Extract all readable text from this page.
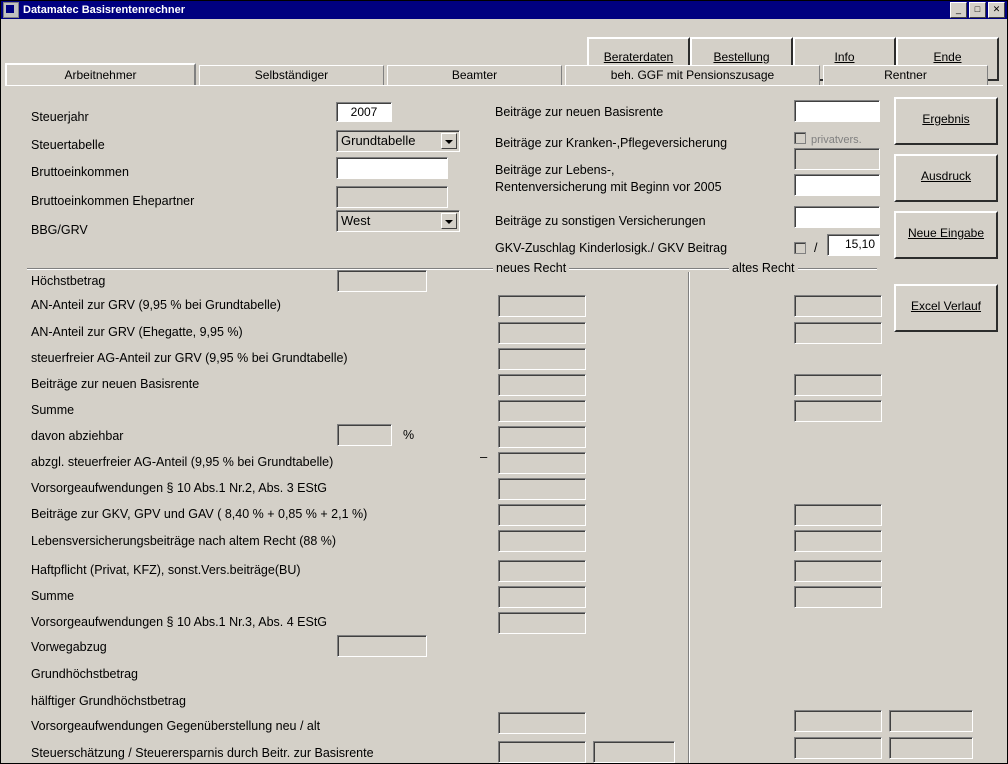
Datamatec Basisrentenrechner	_	□	✕
Beraterdaten	Bestellung	Info	Ende
Arbeitnehmer	Selbständiger	Beamter	beh. GGF mit Pensionszusage	Rentner
Steuerjahr	2007
Steuertabelle	Grundtabelle
Bruttoeinkommen
Bruttoeinkommen Ehepartner
BBG/GRV
West
Beiträge zur neuen Basisrente
Beiträge zur Kranken-,Pflegeversicherung	privatvers.
Beiträge zur Lebens-,
Rentenversicherung mit Beginn vor 2005
Beiträge zu sonstigen Versicherungen
GKV-Zuschlag Kinderlosigk./ GKV Beitrag	/	15,10
Ergebnis
Ausdruck
Neue Eingabe
Excel Verlauf
neues Recht	altes Recht
Höchstbetrag
AN-Anteil zur GRV (9,95 % bei Grundtabelle)
AN-Anteil zur GRV (Ehegatte, 9,95 %)
steuerfreier AG-Anteil zur GRV (9,95 % bei Grundtabelle)
Beiträge zur neuen Basisrente
Summe
davon abziehbar
abzgl. steuerfreier AG-Anteil (9,95 % bei Grundtabelle)
Vorsorgeaufwendungen § 10 Abs.1 Nr.2, Abs. 3 EStG
Beiträge zur GKV, GPV und GAV ( 8,40 % + 0,85 % + 2,1 %)
Lebensversicherungsbeiträge nach altem Recht (88 %)
Haftpflicht (Privat, KFZ), sonst.Vers.beiträge(BU)
Summe
Vorsorgeaufwendungen § 10 Abs.1 Nr.3, Abs. 4 EStG
Vorwegabzug
Grundhöchstbetrag
hälftiger Grundhöchstbetrag
Vorsorgeaufwendungen Gegenüberstellung neu / alt
Steuerschätzung / Steuerersparnis durch Beitr. zur Basisrente
%
–
